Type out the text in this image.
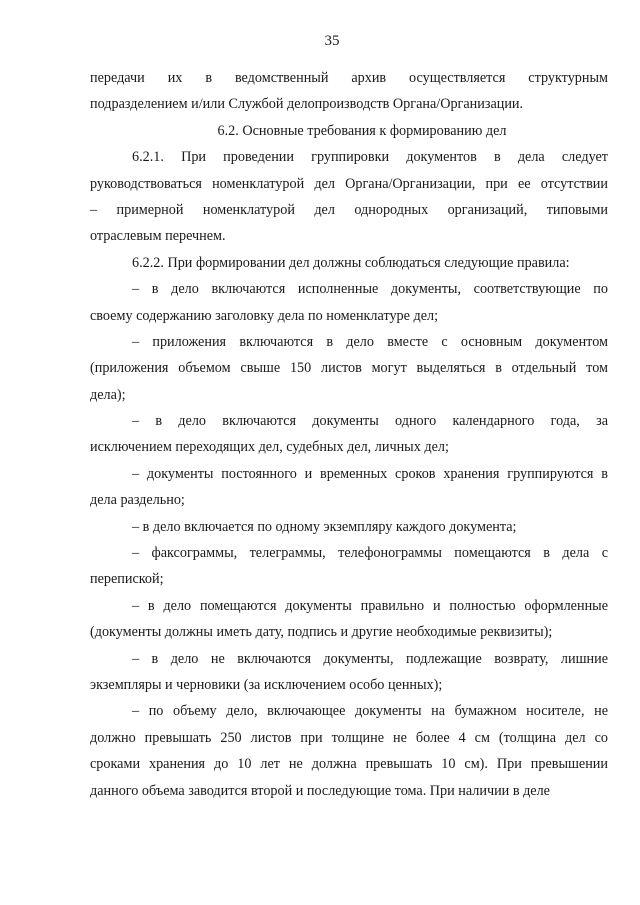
35
передачи их в ведомственный архив осуществляется структурным
подразделением и/или Службой делопроизводств Органа/Организации.
6.2. Основные требования к формированию дел
6.2.1. При проведении группировки документов в дела следует
руководствоваться номенклатурой дел Органа/Организации, при ее отсутствии
– примерной номенклатурой дел однородных организаций, типовыми
отраслевым перечнем.
6.2.2. При формировании дел должны соблюдаться следующие правила:
– в дело включаются исполненные документы, соответствующие по
своему содержанию заголовку дела по номенклатуре дел;
– приложения включаются в дело вместе с основным документом
(приложения объемом свыше 150 листов могут выделяться в отдельный том
дела);
– в дело включаются документы одного календарного года, за
исключением переходящих дел, судебных дел, личных дел;
– документы постоянного и временных сроков хранения группируются в
дела раздельно;
– в дело включается по одному экземпляру каждого документа;
– факсограммы, телеграммы, телефонограммы помещаются в дела с
перепиской;
– в дело помещаются документы правильно и полностью оформленные
(документы должны иметь дату, подпись и другие необходимые реквизиты);
– в дело не включаются документы, подлежащие возврату, лишние
экземпляры и черновики (за исключением особо ценных);
– по объему дело, включающее документы на бумажном носителе, не
должно превышать 250 листов при толщине не более 4 см (толщина дел со
сроками хранения до 10 лет не должна превышать 10 см). При превышении
данного объема заводится второй и последующие тома. При наличии в деле
